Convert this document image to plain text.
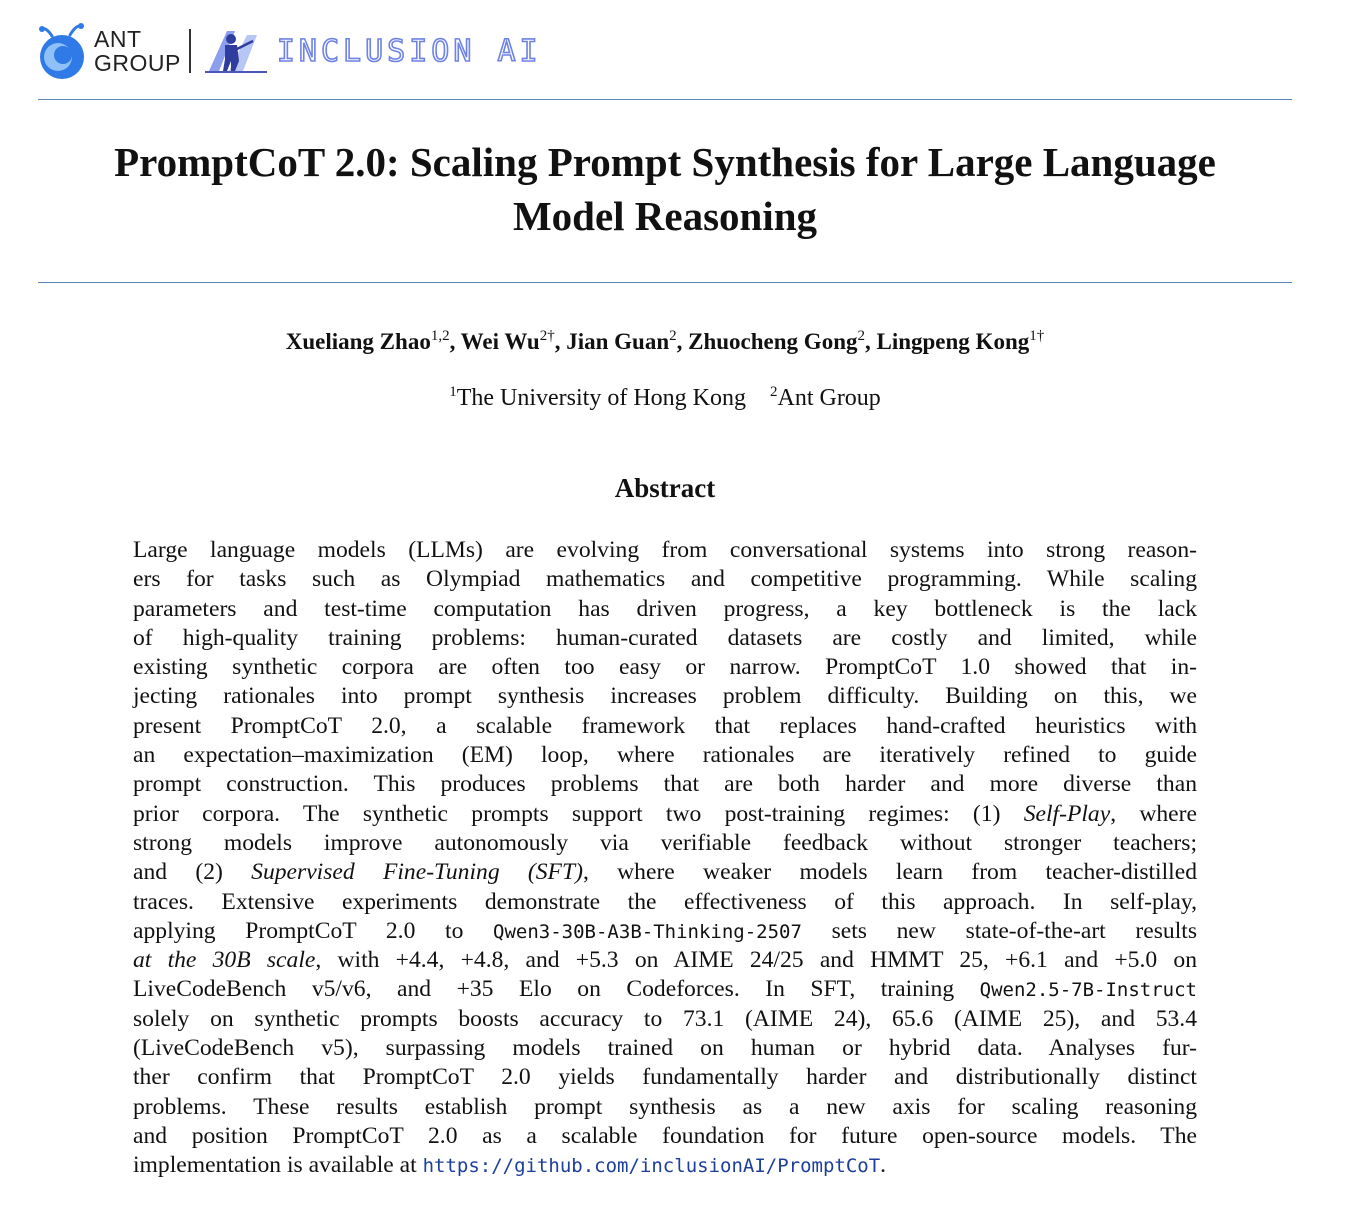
ANT
GROUP	INCLUSION AI
PromptCoT 2.0: Scaling Prompt Synthesis for Large Language
Model Reasoning
Xueliang Zhao$^{1,2}$, Wei $Wu^{2\dagger}$, Jian Guan$^2$, Zhuocheng Gong$^2$, Lingpeng Kong$^{1\dagger}$
$^1$The University of Hong Kong $^2$Ant Group
Abstract
Large language models (LLMs) are evolving from conversational systems into strong reason-
ers for tasks such as Olympiad mathematics and competitive programming. While scaling
parameters and test-time computation has driven progress, a key bottleneck is the lack
of high-quality training problems: human-curated datasets are costly and limited, while
existing synthetic corpora are often too easy or narrow. PromptCoT 1.0 showed that in-
jecting rationales into prompt synthesis increases problem difficulty. Building on this, we
present PromptCoT 2.0, a scalable framework that replaces hand-crafted heuristics with
an expectation–maximization (EM) loop, where rationales are iteratively refined to guide
prompt construction. This produces problems that are both harder and more diverse than
prior corpora. The synthetic prompts support two post-training regimes: (1) Self-Play, where
strong models improve autonomously via verifiable feedback without stronger teachers;
and (2) Supervised Fine-Tuning (SFT), where weaker models learn from teacher-distilled
traces. Extensive experiments demonstrate the effectiveness of this approach. In self-play,
applying PromptCoT 2.0 to Qwen3-30B-A3B-Thinking-2507 sets new state-of-the-art results
at the 30B scale, with +4.4, +4.8, and +5.3 on AIME 24/25 and HMMT 25, +6.1 and +5.0 on
LiveCodeBench v5/v6, and +35 Elo on Codeforces. In SFT, training Qwen2.5-7B-Instruct
solely on synthetic prompts boosts accuracy to 73.1 (AIME 24), 65.6 (AIME 25), and 53.4
(LiveCodeBench v5), surpassing models trained on human or hybrid data. Analyses fur-
ther confirm that PromptCoT 2.0 yields fundamentally harder and distributionally distinct
problems. These results establish prompt synthesis as a new axis for scaling reasoning
and position PromptCoT 2.0 as a scalable foundation for future open-source models. The
implementation is available at https://github.com/inclusionAI/PromptCoT.
